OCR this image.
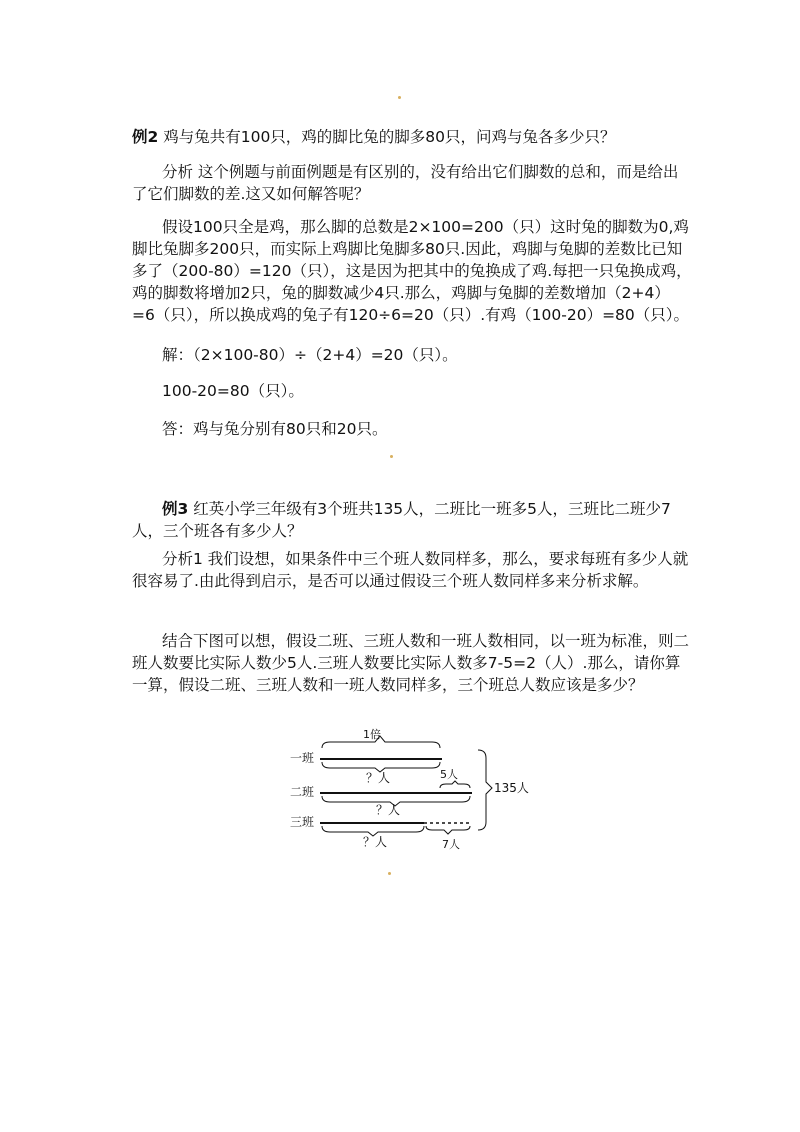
例2 鸡与兔共有100只，鸡的脚比兔的脚多80只，问鸡与兔各多少只？

分析 这个例题与前面例题是有区别的，没有给出它们脚数的总和，而是给出了它们脚数的差.这又如何解答呢？

假设100只全是鸡，那么脚的总数是2×100=200（只）这时兔的脚数为0,鸡脚比兔脚多200只，而实际上鸡脚比兔脚多80只.因此，鸡脚与兔脚的差数比已知多了（200-80）=120（只），这是因为把其中的兔换成了鸡.每把一只兔换成鸡，鸡的脚数将增加2只，兔的脚数减少4只.那么，鸡脚与兔脚的差数增加（2+4）=6（只），所以换成鸡的兔子有120÷6=20（只）.有鸡（100-20）=80（只）。

解：（2×100-80）÷（2+4）=20（只）。

100-20=80（只）。

答：鸡与兔分别有80只和20只。

例3 红英小学三年级有3个班共135人，二班比一班多5人，三班比二班少7人，三个班各有多少人？

分析1 我们设想，如果条件中三个班人数同样多，那么，要求每班有多少人就很容易了.由此得到启示，是否可以通过假设三个班人数同样多来分析求解。

结合下图可以想，假设二班、三班人数和一班人数相同，以一班为标准，则二班人数要比实际人数少5人.三班人数要比实际人数多7-5=2（人）.那么，请你算一算，假设二班、三班人数和一班人数同样多，三个班总人数应该是多少？

一班
1倍
？人
二班
5人
？人
三班
？人	7人
135人
